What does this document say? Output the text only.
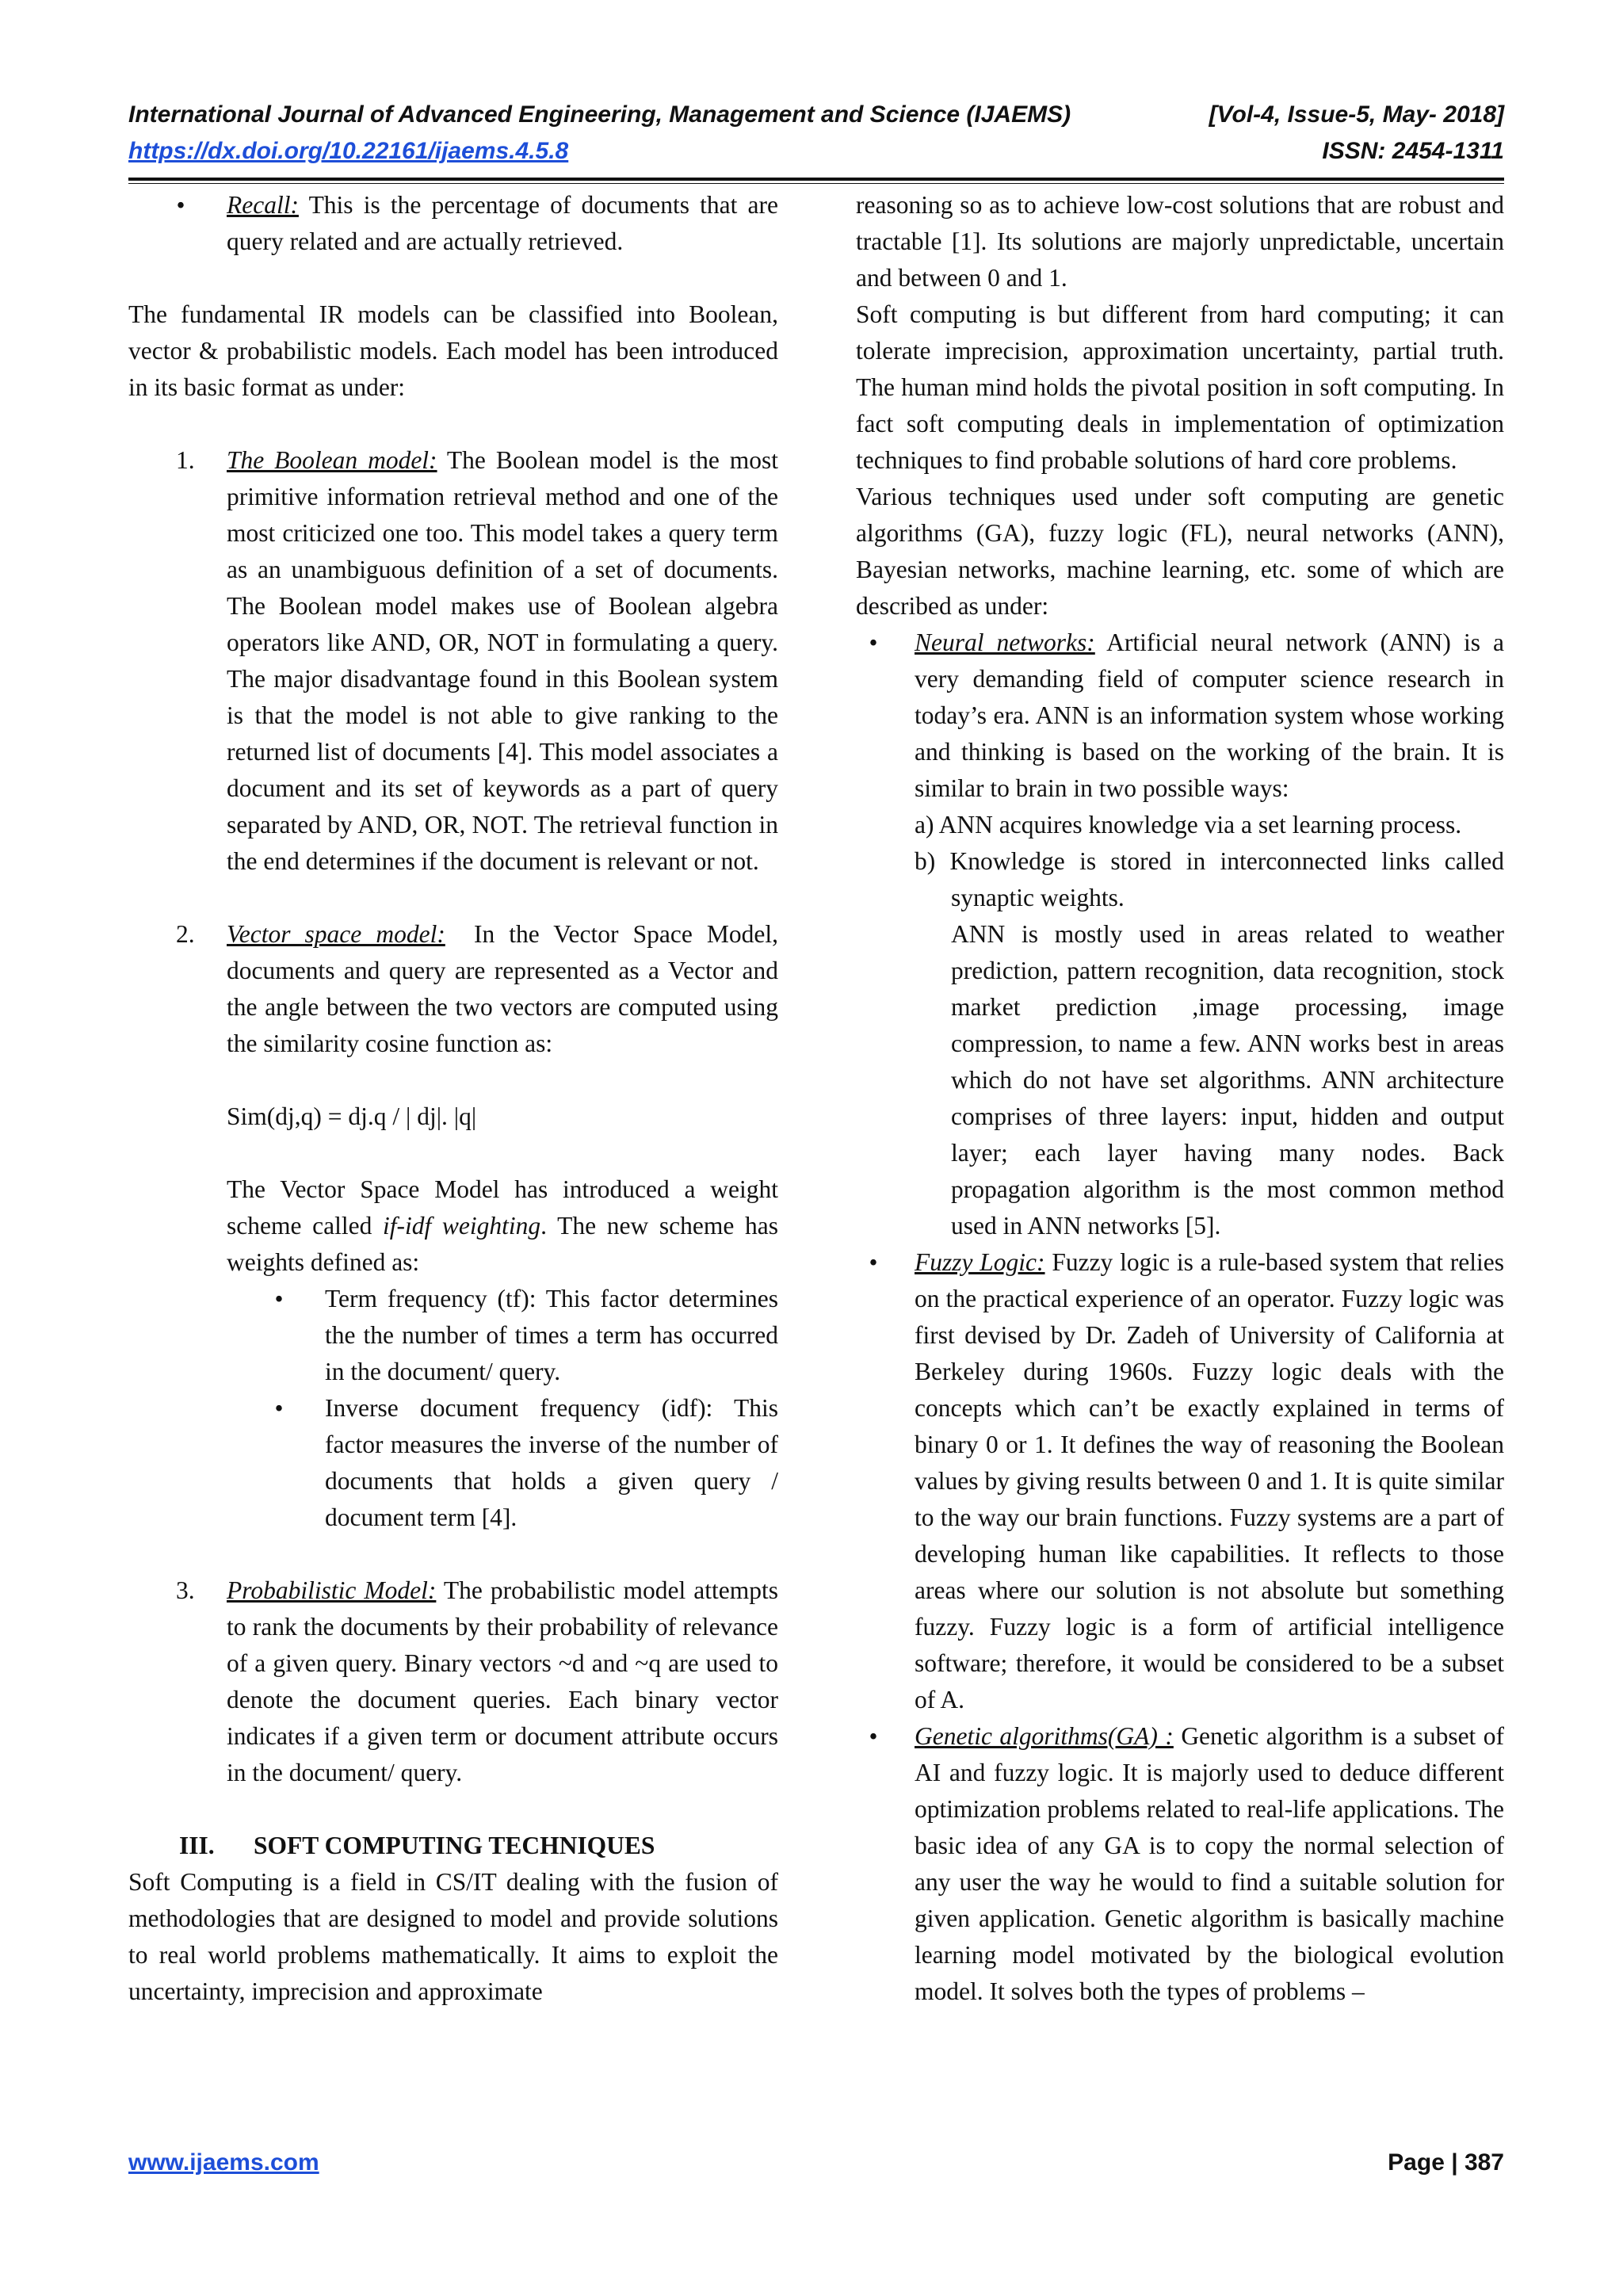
International Journal of Advanced Engineering, Management and Science (IJAEMS)	[Vol-4, Issue-5, May- 2018]
https://dx.doi.org/10.22161/ijaems.4.5.8	ISSN: 2454-1311
• Recall: This is the percentage of documents that are query related and are actually retrieved.

The fundamental IR models can be classified into Boolean, vector & probabilistic models. Each model has been introduced in its basic format as under:

1. The Boolean model: The Boolean model is the most primitive information retrieval method and one of the most criticized one too. This model takes a query term as an unambiguous definition of a set of documents. The Boolean model makes use of Boolean algebra operators like AND, OR, NOT in formulating a query. The major disadvantage found in this Boolean system is that the model is not able to give ranking to the returned list of documents [4]. This model associates a document and its set of keywords as a part of query separated by AND, OR, NOT. The retrieval function in the end determines if the document is relevant or not.

2. Vector space model: In the Vector Space Model, documents and query are represented as a Vector and the angle between the two vectors are computed using the similarity cosine function as:

Sim(dj,q) = dj.q / | dj|. |q|

The Vector Space Model has introduced a weight scheme called if-idf weighting. The new scheme has weights defined as:

• Term frequency (tf): This factor determines the the number of times a term has occurred in the document/ query.

• Inverse document frequency (idf): This factor measures the inverse of the number of documents that holds a given query / document term [4].

3. Probabilistic Model: The probabilistic model attempts to rank the documents by their probability of relevance of a given query. Binary vectors ~d and ~q are used to denote the document queries. Each binary vector indicates if a given term or document attribute occurs in the document/ query.

III. SOFT COMPUTING TECHNIQUES

Soft Computing is a field in CS/IT dealing with the fusion of methodologies that are designed to model and provide solutions to real world problems mathematically. It aims to exploit the uncertainty, imprecision and approximate

reasoning so as to achieve low-cost solutions that are robust and tractable [1]. Its solutions are majorly unpredictable, uncertain and between 0 and 1.

Soft computing is but different from hard computing; it can tolerate imprecision, approximation uncertainty, partial truth. The human mind holds the pivotal position in soft computing. In fact soft computing deals in implementation of optimization techniques to find probable solutions of hard core problems.

Various techniques used under soft computing are genetic algorithms (GA), fuzzy logic (FL), neural networks (ANN), Bayesian networks, machine learning, etc. some of which are described as under:

• Neural networks: Artificial neural network (ANN) is a very demanding field of computer science research in today’s era. ANN is an information system whose working and thinking is based on the working of the brain. It is similar to brain in two possible ways:

a) ANN acquires knowledge via a set learning process.

b) Knowledge is stored in interconnected links called synaptic weights.

ANN is mostly used in areas related to weather prediction, pattern recognition, data recognition, stock market prediction ,image processing, image compression, to name a few. ANN works best in areas which do not have set algorithms. ANN architecture comprises of three layers: input, hidden and output layer; each layer having many nodes. Back propagation algorithm is the most common method used in ANN networks [5].

• Fuzzy Logic: Fuzzy logic is a rule-based system that relies on the practical experience of an operator. Fuzzy logic was first devised by Dr. Zadeh of University of California at Berkeley during 1960s. Fuzzy logic deals with the concepts which can’t be exactly explained in terms of binary 0 or 1. It defines the way of reasoning the Boolean values by giving results between 0 and 1. It is quite similar to the way our brain functions. Fuzzy systems are a part of developing human like capabilities. It reflects to those areas where our solution is not absolute but something fuzzy. Fuzzy logic is a form of artificial intelligence software; therefore, it would be considered to be a subset of A.

• Genetic algorithms(GA) : Genetic algorithm is a subset of AI and fuzzy logic. It is majorly used to deduce different optimization problems related to real-life applications. The basic idea of any GA is to copy the normal selection of any user the way he would to find a suitable solution for given application. Genetic algorithm is basically machine learning model motivated by the biological evolution model. It solves both the types of problems –

www.ijaems.com	Page | 387
